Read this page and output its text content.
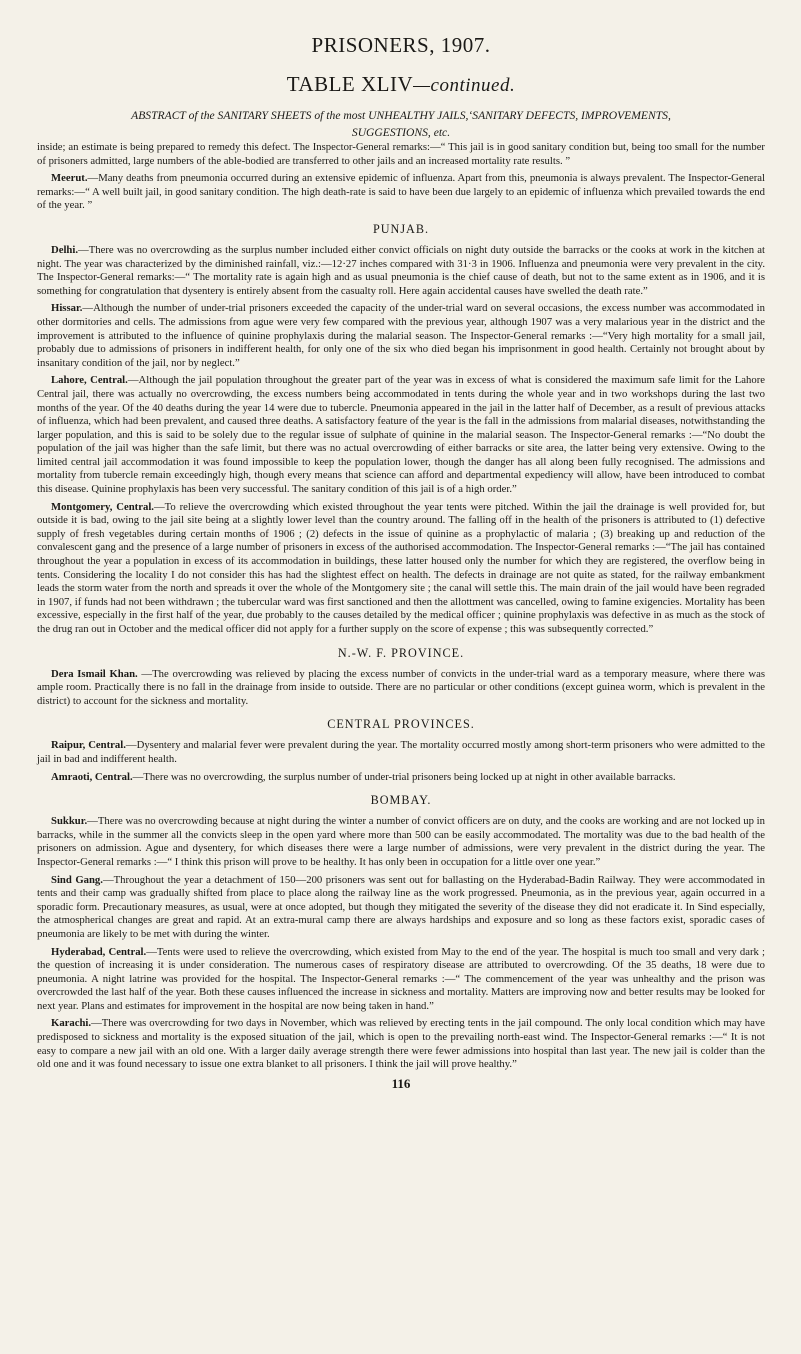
PRISONERS, 1907.
TABLE XLIV—continued.
ABSTRACT of the SANITARY SHEETS of the most UNHEALTHY JAILS,‘SANITARY DEFECTS, IMPROVEMENTS,
SUGGESTIONS, etc.

inside; an estimate is being prepared to remedy this defect. The Inspector-General remarks:—“ This jail is in good sanitary condition but, being too small for the number of prisoners admitted, large numbers of the able-bodied are transferred to other jails and an increased mortality rate results. ”

Meerut.—Many deaths from pneumonia occurred during an extensive epidemic of influenza. Apart from this, pneumonia is always prevalent. The Inspector-General remarks:—“ A well built jail, in good sanitary condition. The high death-rate is said to have been due largely to an epidemic of influenza which prevailed towards the end of the year. ”

PUNJAB.

Delhi.—There was no overcrowding as the surplus number included either convict officials on night duty outside the barracks or the cooks at work in the kitchen at night. The year was characterized by the diminished rainfall, viz.:—12·27 inches compared with 31·3 in 1906. Influenza and pneumonia were very prevalent in the city. The Inspector-General remarks:—“ The mortality rate is again high and as usual pneumonia is the chief cause of death, but not to the same extent as in 1906, and it is something for congratulation that dysentery is entirely absent from the casualty roll. Here again accidental causes have swelled the death rate.”

Hissar.—Although the number of under-trial prisoners exceeded the capacity of the under-trial ward on several occasions, the excess number was accommodated in other dormitories and cells. The admissions from ague were very few compared with the previous year, although 1907 was a very malarious year in the district and the improvement is attributed to the influence of quinine prophylaxis during the malarial season. The Inspector-General remarks :—“Very high mortality for a small jail, probably due to admissions of prisoners in indifferent health, for only one of the six who died began his imprisonment in good health. Certainly not brought about by insanitary condition of the jail, nor by neglect.”

Lahore, Central.—Although the jail population throughout the greater part of the year was in excess of what is considered the maximum safe limit for the Lahore Central jail, there was actually no overcrowding, the excess numbers being accommodated in tents during the whole year and in two workshops during the last two months of the year. Of the 40 deaths during the year 14 were due to tubercle. Pneumonia appeared in the jail in the latter half of December, as a result of previous attacks of influenza, which had been prevalent, and caused three deaths. A satisfactory feature of the year is the fall in the admissions from malarial diseases, notwithstanding the larger population, and this is said to be solely due to the regular issue of sulphate of quinine in the malarial season. The Inspector-General remarks :—“No doubt the population of the jail was higher than the safe limit, but there was no actual overcrowding of either barracks or site area, the latter being very extensive. Owing to the limited central jail accommodation it was found impossible to keep the population lower, though the danger has all along been fully recognised. The admissions and mortality from tubercle remain exceedingly high, though every means that science can afford and departmental expediency will allow, have been introduced to combat this disease. Quinine prophylaxis has been very successful. The sanitary condition of this jail is of a high order.”

Montgomery, Central.—To relieve the overcrowding which existed throughout the year tents were pitched. Within the jail the drainage is well provided for, but outside it is bad, owing to the jail site being at a slightly lower level than the country around. The falling off in the health of the prisoners is attributed to (1) defective supply of fresh vegetables during certain months of 1906 ; (2) defects in the issue of quinine as a prophylactic of malaria ; (3) breaking up and reduction of the convalescent gang and the presence of a large number of prisoners in excess of the authorised accommodation. The Inspector-General remarks :—“The jail has contained throughout the year a population in excess of its accommodation in buildings, these latter housed only the number for which they are registered, the overflow being in tents. Considering the locality I do not consider this has had the slightest effect on health. The defects in drainage are not quite as stated, for the railway embankment leads the storm water from the north and spreads it over the whole of the Montgomery site ; the canal will settle this. The main drain of the jail would have been regraded in 1907, if funds had not been withdrawn ; the tubercular ward was first sanctioned and then the allottment was cancelled, owing to famine exigencies. Mortality has been excessive, especially in the first half of the year, due probably to the causes detailed by the medical officer ; quinine prophylaxis was defective in as much as the stock of the drug ran out in October and the medical officer did not apply for a further supply on the score of expense ; this was subsequently corrected.”

N.-W. F. PROVINCE.

Dera Ismail Khan. —The overcrowding was relieved by placing the excess number of convicts in the under-trial ward as a temporary measure, where there was ample room. Practically there is no fall in the drainage from inside to outside. There are no particular or other conditions (except guinea worm, which is prevalent in the district) to account for the sickness and mortality.

CENTRAL PROVINCES.

Raipur, Central.—Dysentery and malarial fever were prevalent during the year. The mortality occurred mostly among short-term prisoners who were admitted to the jail in bad and indifferent health.

Amraoti, Central.—There was no overcrowding, the surplus number of under-trial prisoners being locked up at night in other available barracks.

BOMBAY.

Sukkur.—There was no overcrowding because at night during the winter a number of convict officers are on duty, and the cooks are working and are not locked up in barracks, while in the summer all the convicts sleep in the open yard where more than 500 can be easily accommodated. The mortality was due to the bad health of the prisoners on admission. Ague and dysentery, for which diseases there were a large number of admissions, were very prevalent in the district during the year. The Inspector-General remarks :—“ I think this prison will prove to be healthy. It has only been in occupation for a little over one year.”

Sind Gang.—Throughout the year a detachment of 150—200 prisoners was sent out for ballasting on the Hyderabad-Badin Railway. They were accommodated in tents and their camp was gradually shifted from place to place along the railway line as the work progressed. Pneumonia, as in the previous year, again occurred in a sporadic form. Precautionary measures, as usual, were at once adopted, but though they mitigated the severity of the disease they did not eradicate it. In Sind especially, the atmospherical changes are great and rapid. At an extra-mural camp there are always hardships and exposure and so long as these factors exist, sporadic cases of pneumonia are likely to be met with during the winter.

Hyderabad, Central.—Tents were used to relieve the overcrowding, which existed from May to the end of the year. The hospital is much too small and very dark ; the question of increasing it is under consideration. The numerous cases of respiratory disease are attributed to overcrowding. Of the 35 deaths, 18 were due to pneumonia. A night latrine was provided for the hospital. The Inspector-General remarks :—“ The commencement of the year was unhealthy and the prison was overcrowded the last half of the year. Both these causes influenced the increase in sickness and mortality. Matters are improving now and better results may be looked for next year. Plans and estimates for improvement in the hospital are now being taken in hand.”

Karachi.—There was overcrowding for two days in November, which was relieved by erecting tents in the jail compound. The only local condition which may have predisposed to sickness and mortality is the exposed situation of the jail, which is open to the prevailing north-east wind. The Inspector-General remarks :—“ It is not easy to compare a new jail with an old one. With a larger daily average strength there were fewer admissions into hospital than last year. The new jail is colder than the old one and it was found necessary to issue one extra blanket to all prisoners. I think the jail will prove healthy.”

116
